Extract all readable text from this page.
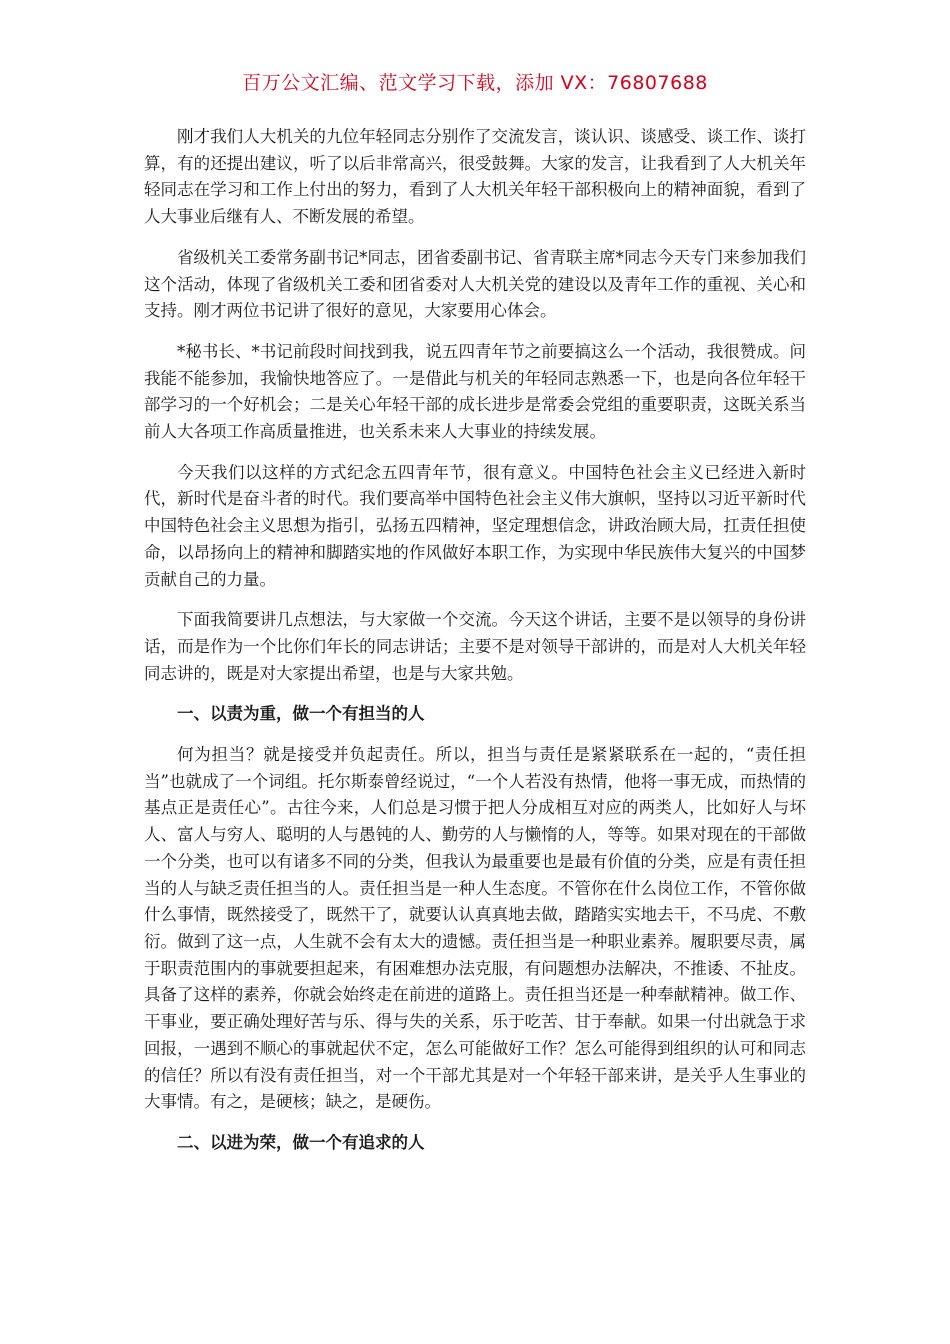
百万公文汇编、范文学习下载，添加 VX：76807688

刚才我们人大机关的九位年轻同志分别作了交流发言，谈认识、谈感受、谈工作、谈打算，有的还提出建议，听了以后非常高兴，很受鼓舞。大家的发言，让我看到了人大机关年轻同志在学习和工作上付出的努力，看到了人大机关年轻干部积极向上的精神面貌，看到了人大事业后继有人、不断发展的希望。

省级机关工委常务副书记*同志，团省委副书记、省青联主席*同志今天专门来参加我们这个活动，体现了省级机关工委和团省委对人大机关党的建设以及青年工作的重视、关心和支持。刚才两位书记讲了很好的意见，大家要用心体会。

*秘书长、*书记前段时间找到我，说五四青年节之前要搞这么一个活动，我很赞成。问我能不能参加，我愉快地答应了。一是借此与机关的年轻同志熟悉一下，也是向各位年轻干部学习的一个好机会；二是关心年轻干部的成长进步是常委会党组的重要职责，这既关系当前人大各项工作高质量推进，也关系未来人大事业的持续发展。

今天我们以这样的方式纪念五四青年节，很有意义。中国特色社会主义已经进入新时代，新时代是奋斗者的时代。我们要高举中国特色社会主义伟大旗帜，坚持以习近平新时代中国特色社会主义思想为指引，弘扬五四精神，坚定理想信念，讲政治顾大局，扛责任担使命，以昂扬向上的精神和脚踏实地的作风做好本职工作，为实现中华民族伟大复兴的中国梦贡献自己的力量。

下面我简要讲几点想法，与大家做一个交流。今天这个讲话，主要不是以领导的身份讲话，而是作为一个比你们年长的同志讲话；主要不是对领导干部讲的，而是对人大机关年轻同志讲的，既是对大家提出希望，也是与大家共勉。

一、以责为重，做一个有担当的人

何为担当？就是接受并负起责任。所以，担当与责任是紧紧联系在一起的，“责任担当”也就成了一个词组。托尔斯泰曾经说过，“一个人若没有热情，他将一事无成，而热情的基点正是责任心”。古往今来，人们总是习惯于把人分成相互对应的两类人，比如好人与坏人、富人与穷人、聪明的人与愚钝的人、勤劳的人与懒惰的人，等等。如果对现在的干部做一个分类，也可以有诸多不同的分类，但我认为最重要也是最有价值的分类，应是有责任担当的人与缺乏责任担当的人。责任担当是一种人生态度。不管你在什么岗位工作，不管你做什么事情，既然接受了，既然干了，就要认认真真地去做，踏踏实实地去干，不马虎、不敷衍。做到了这一点，人生就不会有太大的遗憾。责任担当是一种职业素养。履职要尽责，属于职责范围内的事就要担起来，有困难想办法克服，有问题想办法解决，不推诿、不扯皮。具备了这样的素养，你就会始终走在前进的道路上。责任担当还是一种奉献精神。做工作、干事业，要正确处理好苦与乐、得与失的关系，乐于吃苦、甘于奉献。如果一付出就急于求回报，一遇到不顺心的事就起伏不定，怎么可能做好工作？怎么可能得到组织的认可和同志的信任？所以有没有责任担当，对一个干部尤其是对一个年轻干部来讲，是关乎人生事业的大事情。有之，是硬核；缺之，是硬伤。

二、以进为荣，做一个有追求的人
